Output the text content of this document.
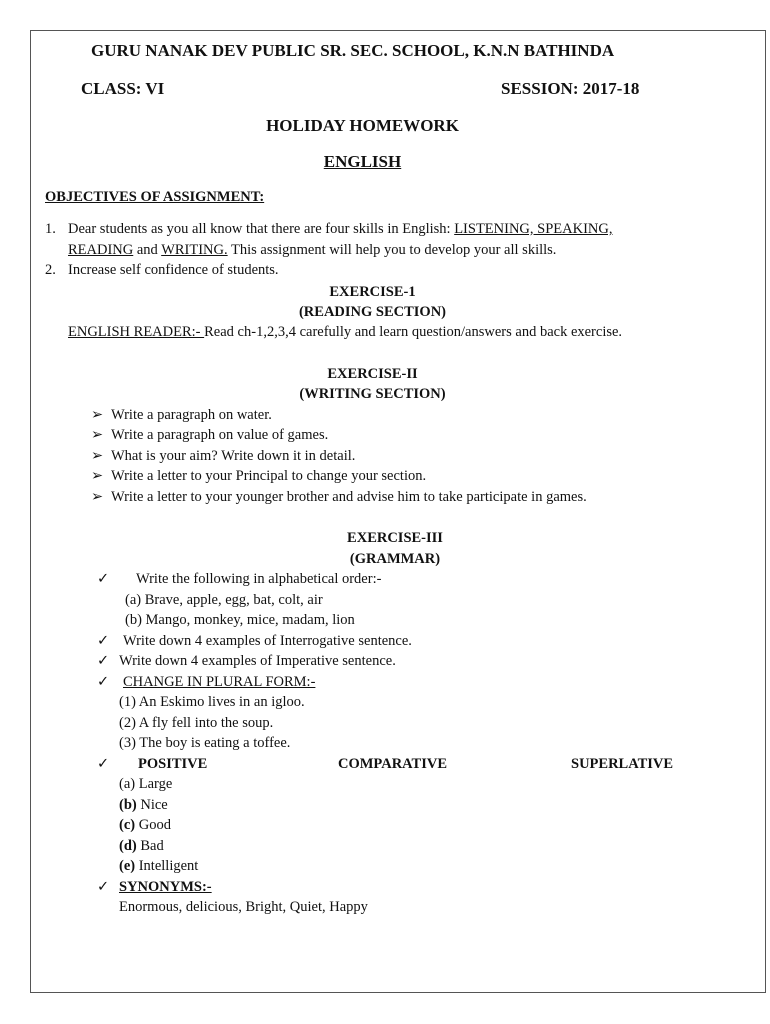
GURU NANAK DEV PUBLIC SR. SEC. SCHOOL, K.N.N BATHINDA
CLASS: VI	SESSION: 2017-18
HOLIDAY HOMEWORK
ENGLISH
OBJECTIVES OF ASSIGNMENT:
1. Dear students as you all know that there are four skills in English: LISTENING, SPEAKING,
READING and WRITING. This assignment will help you to develop your all skills.
2. Increase self confidence of students.
EXERCISE-1
(READING SECTION)
ENGLISH READER:- Read ch-1,2,3,4 carefully and learn question/answers and back exercise.
EXERCISE-II
(WRITING SECTION)
➢ Write a paragraph on water.
➢ Write a paragraph on value of games.
➢ What is your aim? Write down it in detail.
➢ Write a letter to your Principal to change your section.
➢ Write a letter to your younger brother and advise him to take participate in games.
EXERCISE-III
(GRAMMAR)
✓ Write the following in alphabetical order:-
(a) Brave, apple, egg, bat, colt, air
(b) Mango, monkey, mice, madam, lion
✓ Write down 4 examples of Interrogative sentence.
✓ Write down 4 examples of Imperative sentence.
✓ CHANGE IN PLURAL FORM:-
(1) An Eskimo lives in an igloo.
(2) A fly fell into the soup.
(3) The boy is eating a toffee.
✓ POSITIVE	COMPARATIVE	SUPERLATIVE
(a) Large
(b) Nice
(c) Good
(d) Bad
(e) Intelligent
✓ SYNONYMS:-
Enormous, delicious, Bright, Quiet, Happy
